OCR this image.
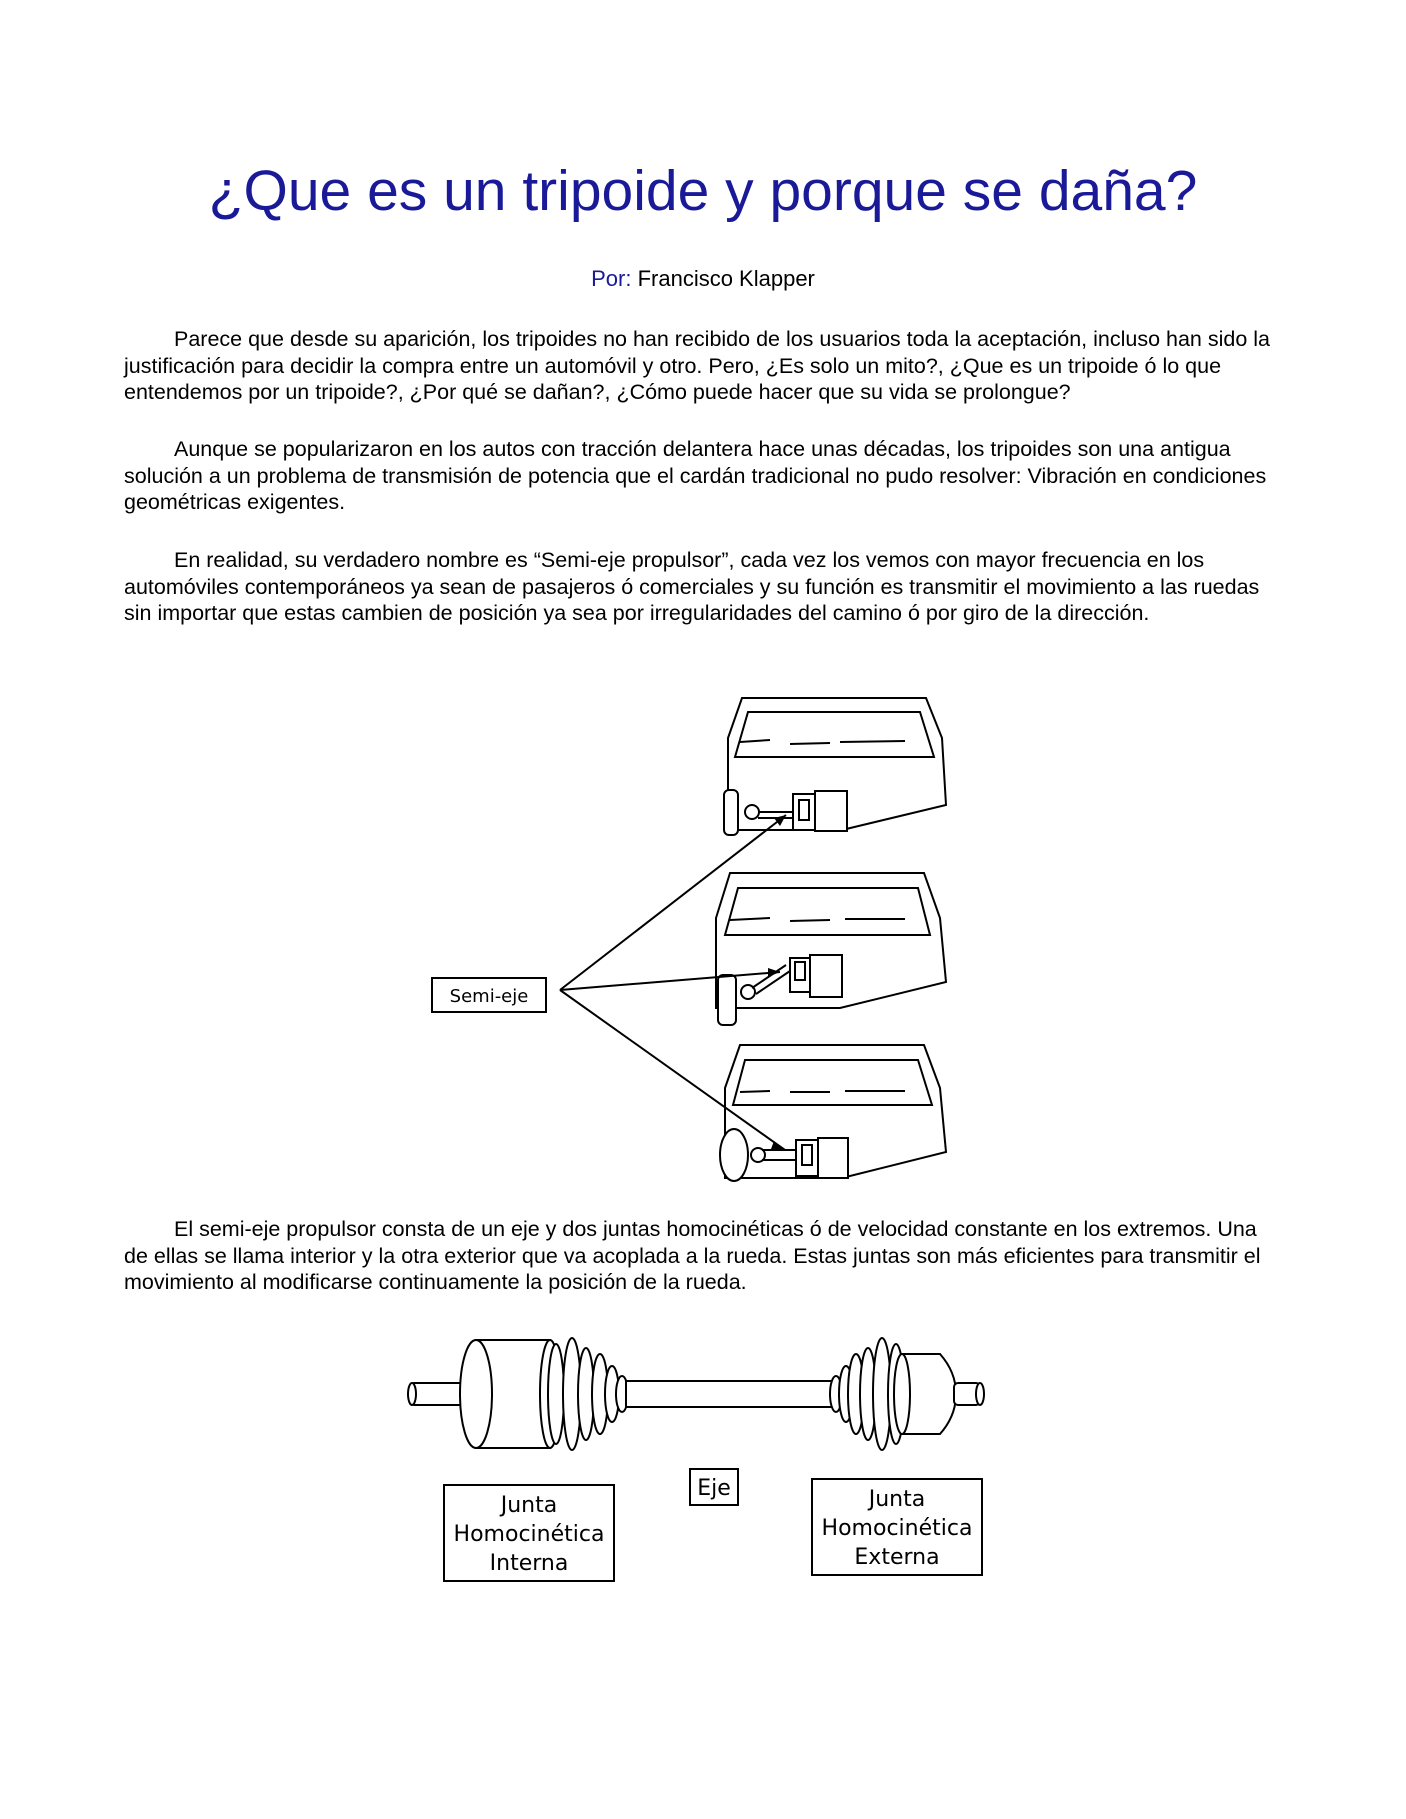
¿Que es un tripoide y porque se daña?
Por: Francisco Klapper

Parece que desde su aparición, los tripoides no han recibido de los usuarios toda la aceptación, incluso han sido la justificación para decidir la compra entre un automóvil y otro. Pero, ¿Es solo un mito?, ¿Que es un tripoide ó lo que entendemos por un tripoide?, ¿Por qué se dañan?, ¿Cómo puede hacer que su vida se prolongue?

Aunque se popularizaron en los autos con tracción delantera hace unas décadas, los tripoides son una antigua solución a un problema de transmisión de potencia que el cardán tradicional no pudo resolver: Vibración en condiciones geométricas exigentes.

En realidad, su verdadero nombre es “Semi-eje propulsor”, cada vez los vemos con mayor frecuencia en los automóviles contemporáneos ya sean de pasajeros ó comerciales y su función es transmitir el movimiento a las ruedas sin importar que estas cambien de posición ya sea por irregularidades del camino ó por giro de la dirección.

Semi-eje

El semi-eje propulsor consta de un eje y dos juntas homocinéticas ó de velocidad constante en los extremos. Una de ellas se llama interior y la otra exterior que va acoplada a la rueda. Estas juntas son más eficientes para transmitir el movimiento al modificarse continuamente la posición de la rueda.

Junta
Homocinética
Interna
Eje	Junta
Homocinética
Externa
